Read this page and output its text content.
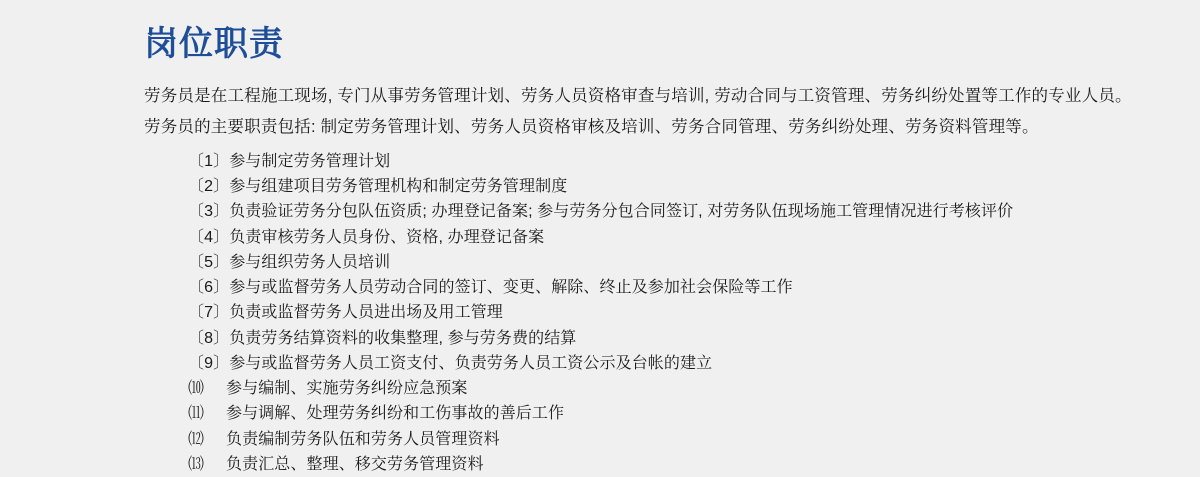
岗位职责

劳务员是在工程施工现场, 专门从事劳务管理计划、劳务人员资格审查与培训, 劳动合同与工资管理、劳务纠纷处置等工作的专业人员。

劳务员的主要职责包括: 制定劳务管理计划、劳务人员资格审核及培训、劳务合同管理、劳务纠纷处理、劳务资料管理等。

〔1〕 参与制定劳务管理计划
〔2〕 参与组建项目劳务管理机构和制定劳务管理制度
〔3〕 负责验证劳务分包队伍资质; 办理登记备案; 参与劳务分包合同签订, 对劳务队伍现场施工管理情况进行考核评价
〔4〕 负责审核劳务人员身份、资格, 办理登记备案
〔5〕 参与组织劳务人员培训
〔6〕 参与或监督劳务人员劳动合同的签订、变更、解除、终止及参加社会保险等工作
〔7〕 负责或监督劳务人员进出场及用工管理
〔8〕 负责劳务结算资料的收集整理, 参与劳务费的结算
〔9〕 参与或监督劳务人员工资支付、负责劳务人员工资公示及台帐的建立
⑽	参与编制、实施劳务纠纷应急预案
⑾	参与调解、处理劳务纠纷和工伤事故的善后工作
⑿	负责编制劳务队伍和劳务人员管理资料
⒀	负责汇总、整理、移交劳务管理资料
